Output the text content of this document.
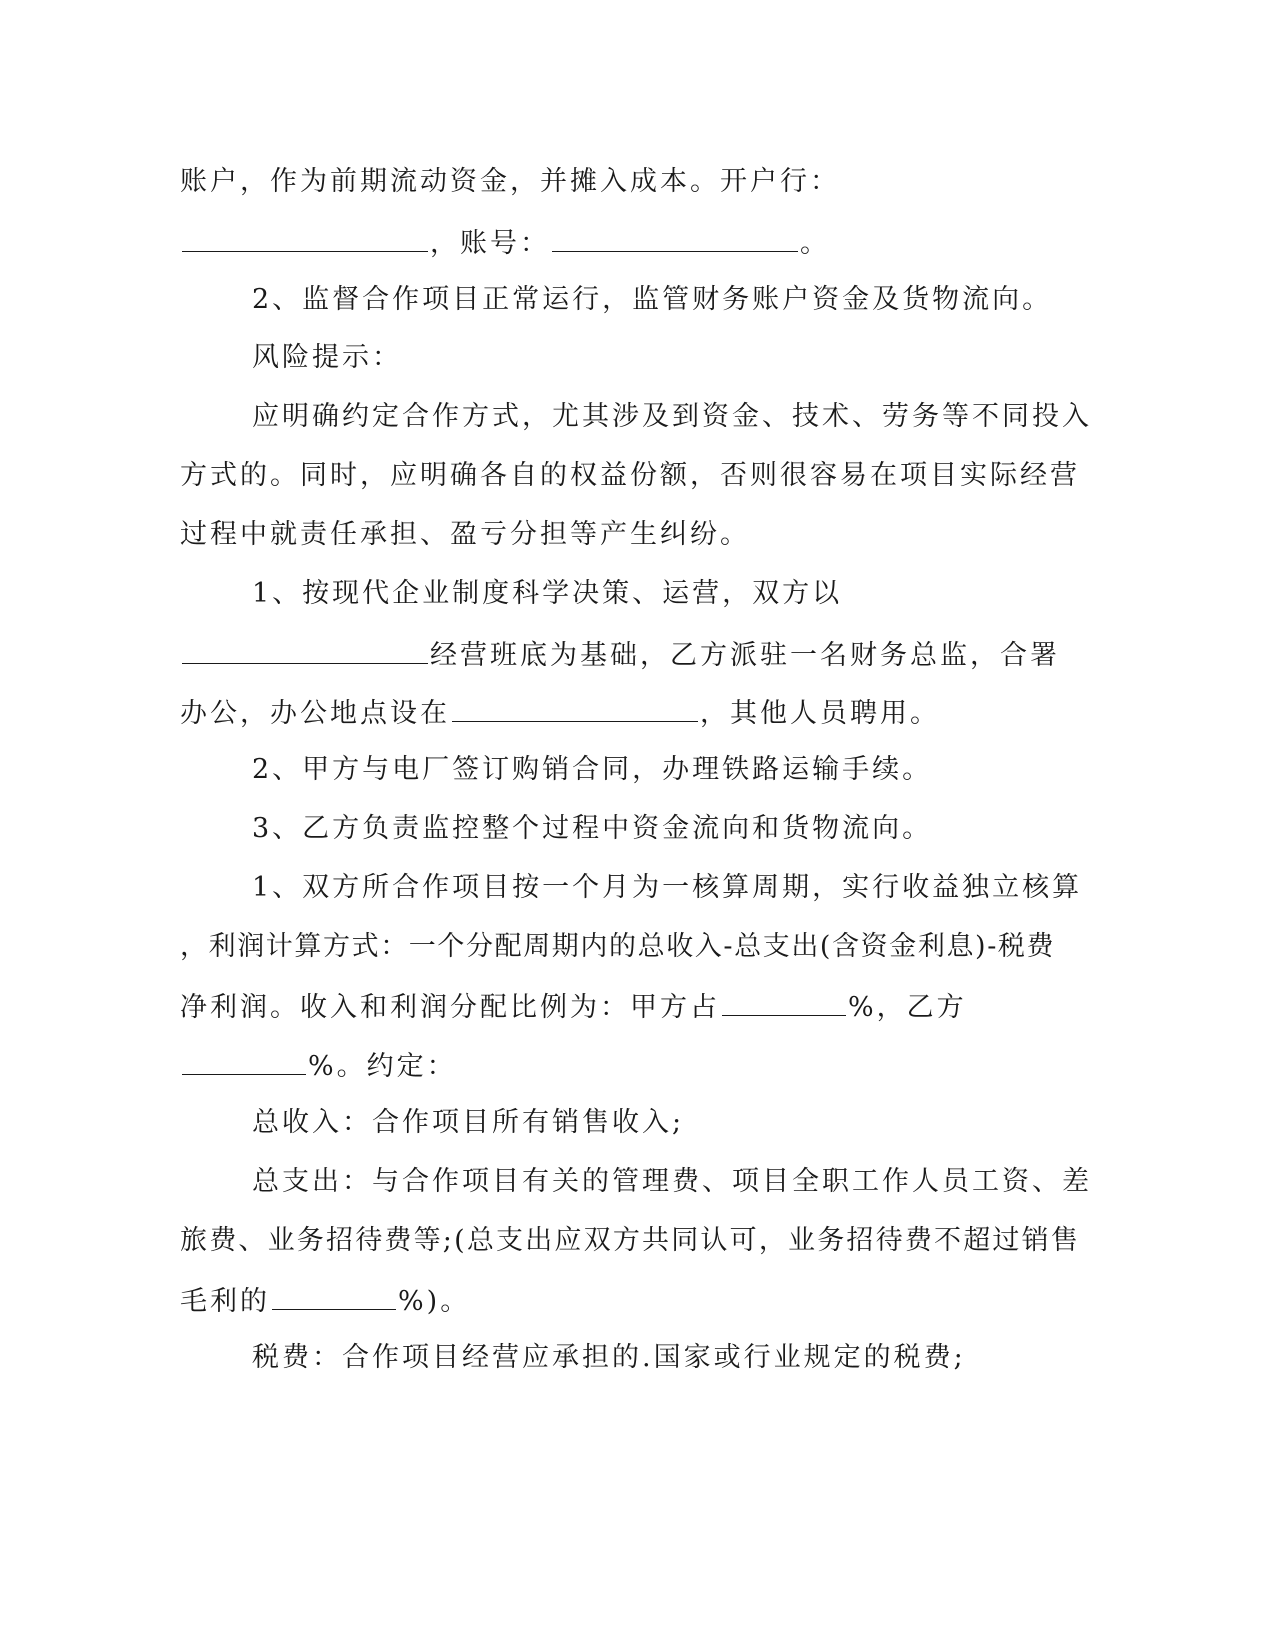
账户，作为前期流动资金，并摊入成本。开户行：
，账号：	。
2、监督合作项目正常运行，监管财务账户资金及货物流向。
风险提示：
应明确约定合作方式，尤其涉及到资金、技术、劳务等不同投入
方式的。同时，应明确各自的权益份额，否则很容易在项目实际经营
过程中就责任承担、盈亏分担等产生纠纷。
1、按现代企业制度科学决策、运营，双方以
经营班底为基础，乙方派驻一名财务总监，合署
办公，办公地点设在	，其他人员聘用。
2、甲方与电厂签订购销合同，办理铁路运输手续。
3、乙方负责监控整个过程中资金流向和货物流向。
1、双方所合作项目按一个月为一核算周期，实行收益独立核算
，利润计算方式：一个分配周期内的总收入-总支出(含资金利息)-税费
净利润。收入和利润分配比例为：甲方占	%，乙方
%。约定：
总收入：合作项目所有销售收入;
总支出：与合作项目有关的管理费、项目全职工作人员工资、差
旅费、业务招待费等;(总支出应双方共同认可，业务招待费不超过销售
毛利的	%)。
税费：合作项目经营应承担的.国家或行业规定的税费;
